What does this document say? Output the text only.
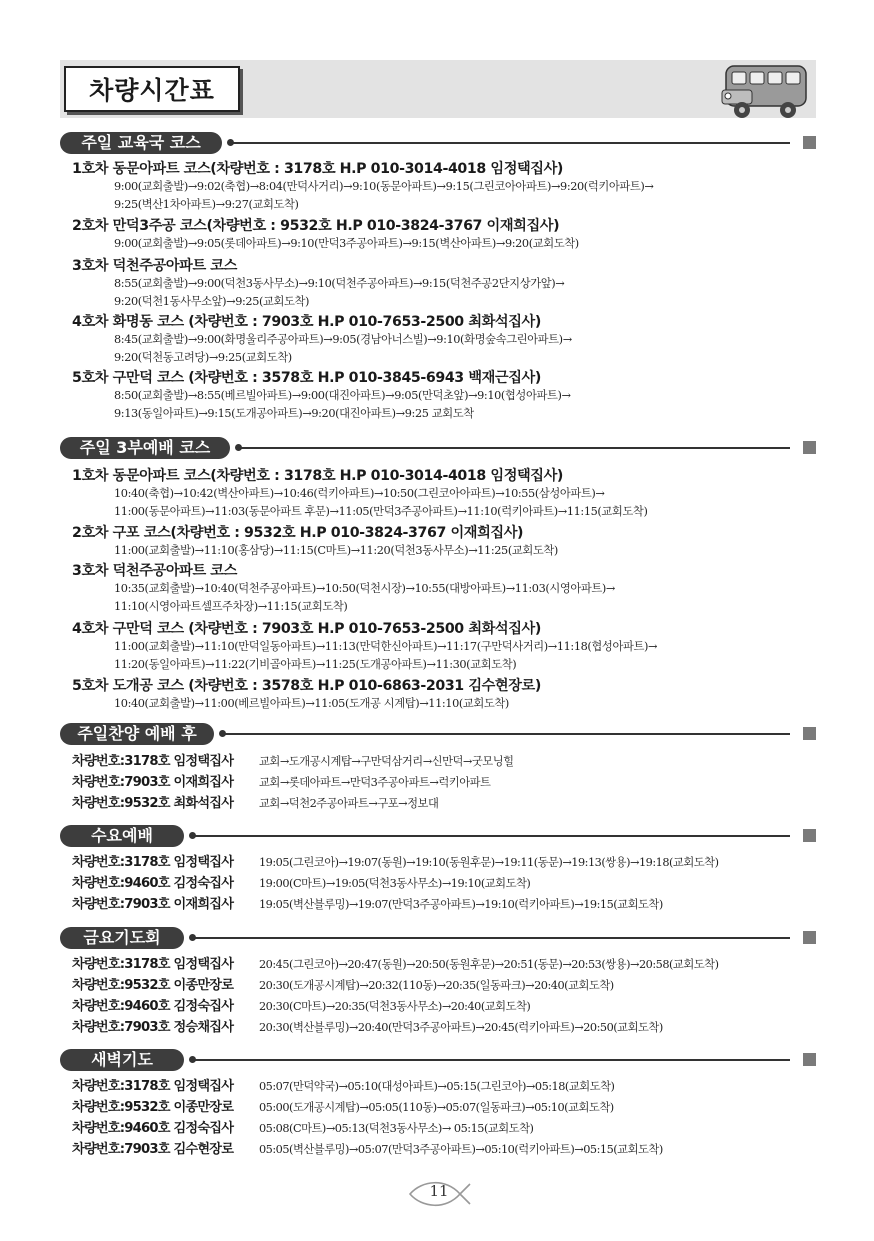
차량시간표
주일 교육국 코스
1호차 동문아파트 코스(차량번호 : 3178호 H.P 010-3014-4018 임정택집사)
9:00(교회출발)→9:02(축협)→8:04(만덕사거리)→9:10(동문아파트)→9:15(그린코아아파트)→9:20(럭키아파트)→
9:25(벽산1차아파트)→9:27(교회도착)
2호차 만덕3주공 코스(차량번호 : 9532호 H.P 010-3824-3767 이재희집사)
9:00(교회출발)→9:05(롯데아파트)→9:10(만덕3주공아파트)→9:15(벽산아파트)→9:20(교회도착)
3호차 덕천주공아파트 코스
8:55(교회출발)→9:00(덕천3동사무소)→9:10(덕천주공아파트)→9:15(덕천주공2단지상가앞)→
9:20(덕천1동사무소앞)→9:25(교회도착)
4호차 화명동 코스 (차량번호 : 7903호 H.P 010-7653-2500 최화석집사)
8:45(교회출발)→9:00(화명울리주공아파트)→9:05(경남아너스빌)→9:10(화명숲속그린아파트)→
9:20(덕천동고려당)→9:25(교회도착)
5호차 구만덕 코스 (차량번호 : 3578호 H.P 010-3845-6943 백재근집사)
8:50(교회출발)→8:55(베르빌아파트)→9:00(대진아파트)→9:05(만덕초앞)→9:10(협성아파트)→
9:13(동일아파트)→9:15(도개공아파트)→9:20(대진아파트)→9:25 교회도착
주일 3부예배 코스
1호차 동문아파트 코스(차량번호 : 3178호 H.P 010-3014-4018 임정택집사)
10:40(축협)→10:42(벽산아파트)→10:46(럭키아파트)→10:50(그린코아아파트)→10:55(삼성아파트)→
11:00(동문아파트)→11:03(동문아파트 후문)→11:05(만덕3주공아파트)→11:10(럭키아파트)→11:15(교회도착)
2호차 구포 코스(차량번호 : 9532호 H.P 010-3824-3767 이재희집사)
11:00(교회출발)→11:10(홍삼당)→11:15(C마트)→11:20(덕천3동사무소)→11:25(교회도착)
3호차 덕천주공아파트 코스
10:35(교회출발)→10:40(덕천주공아파트)→10:50(덕천시장)→10:55(대방아파트)→11:03(시영아파트)→
11:10(시영아파트셀프주차장)→11:15(교회도착)
4호차 구만덕 코스 (차량번호 : 7903호 H.P 010-7653-2500 최화석집사)
11:00(교회출발)→11:10(만덕일동아파트)→11:13(만덕한신아파트)→11:17(구만덕사거리)→11:18(협성아파트)→
11:20(동일아파트)→11:22(기비골아파트)→11:25(도개공아파트)→11:30(교회도착)
5호차 도개공 코스 (차량번호 : 3578호 H.P 010-6863-2031 김수현장로)
10:40(교회출발)→11:00(베르빌아파트)→11:05(도개공 시계탑)→11:10(교회도착)
주일찬양 예배 후
차량번호:3178호 임정택집사 교회→도개공시계탑→구만덕삼거리→신만덕→굿모닝힐
차량번호:7903호 이재희집사 교회→롯데아파트→만덕3주공아파트→럭키아파트
차량번호:9532호 최화석집사 교회→덕천2주공아파트→구포→정보대
수요예배
차량번호:3178호 임정택집사 19:05(그린코아)→19:07(동원)→19:10(동원후문)→19:11(동문)→19:13(쌍용)→19:18(교회도착)
차량번호:9460호 김정숙집사 19:00(C마트)→19:05(덕천3동사무소)→19:10(교회도착)
차량번호:7903호 이재희집사 19:05(벽산블루밍)→19:07(만덕3주공아파트)→19:10(럭키아파트)→19:15(교회도착)
금요기도회
차량번호:3178호 임정택집사 20:45(그린코아)→20:47(동원)→20:50(동원후문)→20:51(동문)→20:53(쌍용)→20:58(교회도착)
차량번호:9532호 이종만장로 20:30(도개공시계탑)→20:32(110동)→20:35(일동파크)→20:40(교회도착)
차량번호:9460호 김정숙집사 20:30(C마트)→20:35(덕천3동사무소)→20:40(교회도착)
차량번호:7903호 정승채집사 20:30(벽산블루밍)→20:40(만덕3주공아파트)→20:45(럭키아파트)→20:50(교회도착)
새벽기도
차량번호:3178호 임정택집사 05:07(만덕약국)→05:10(대성아파트)→05:15(그린코아)→05:18(교회도착)
차량번호:9532호 이종만장로 05:00(도개공시계탑)→05:05(110동)→05:07(일동파크)→05:10(교회도착)
차량번호:9460호 김정숙집사 05:08(C마트)→05:13(덕천3동사무소)→ 05:15(교회도착)
차량번호:7903호 김수현장로 05:05(벽산블루밍)→05:07(만덕3주공아파트)→05:10(럭키아파트)→05:15(교회도착)
11
